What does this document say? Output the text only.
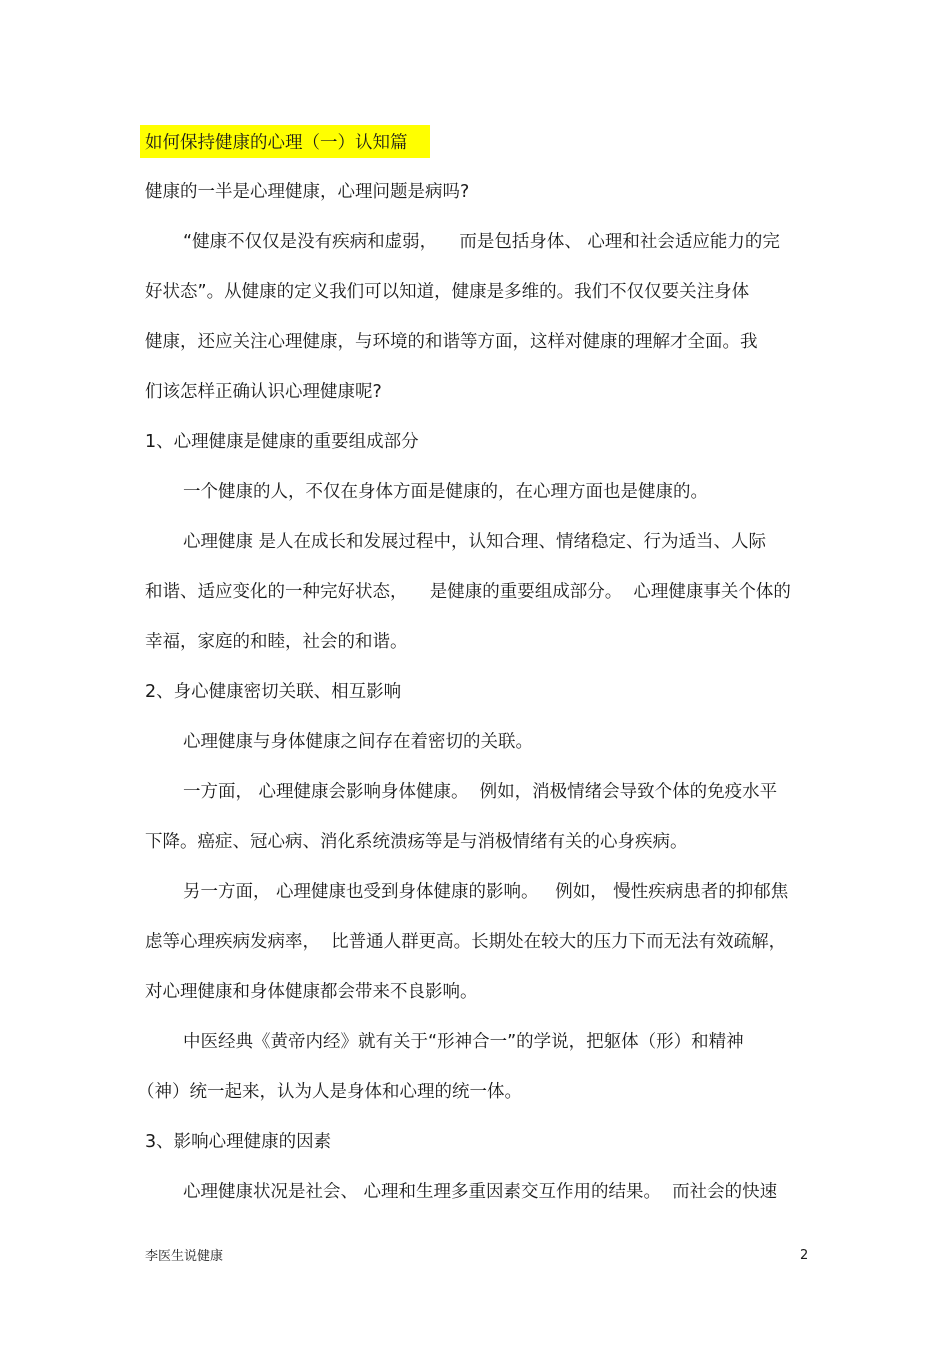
如何保持健康的心理（一）认知篇

健康的一半是心理健康，心理问题是病吗?

“健康不仅仅是没有疾病和虚弱，    而是包括身体、 心理和社会适应能力的完

好状态”。从健康的定义我们可以知道，健康是多维的。我们不仅仅要关注身体

健康，还应关注心理健康，与环境的和谐等方面，这样对健康的理解才全面。我

们该怎样正确认识心理健康呢?

1、心理健康是健康的重要组成部分

一个健康的人，不仅在身体方面是健康的，在心理方面也是健康的。

心理健康 是人在成长和发展过程中，认知合理、情绪稳定、行为适当、人际

和谐、适应变化的一种完好状态，    是健康的重要组成部分。  心理健康事关个体的

幸福，家庭的和睦，社会的和谐。

2、身心健康密切关联、相互影响

心理健康与身体健康之间存在着密切的关联。

一方面， 心理健康会影响身体健康。  例如，消极情绪会导致个体的免疫水平

下降。癌症、冠心病、消化系统溃疡等是与消极情绪有关的心身疾病。

另一方面， 心理健康也受到身体健康的影响。   例如， 慢性疾病患者的抑郁焦

虑等心理疾病发病率，  比普通人群更高。长期处在较大的压力下而无法有效疏解，

对心理健康和身体健康都会带来不良影响。

中医经典《黄帝内经》就有关于“形神合一”的学说，把躯体（形）和精神

（神）统一起来，认为人是身体和心理的统一体。

3、影响心理健康的因素

心理健康状况是社会、 心理和生理多重因素交互作用的结果。  而社会的快速

李医生说健康	2
